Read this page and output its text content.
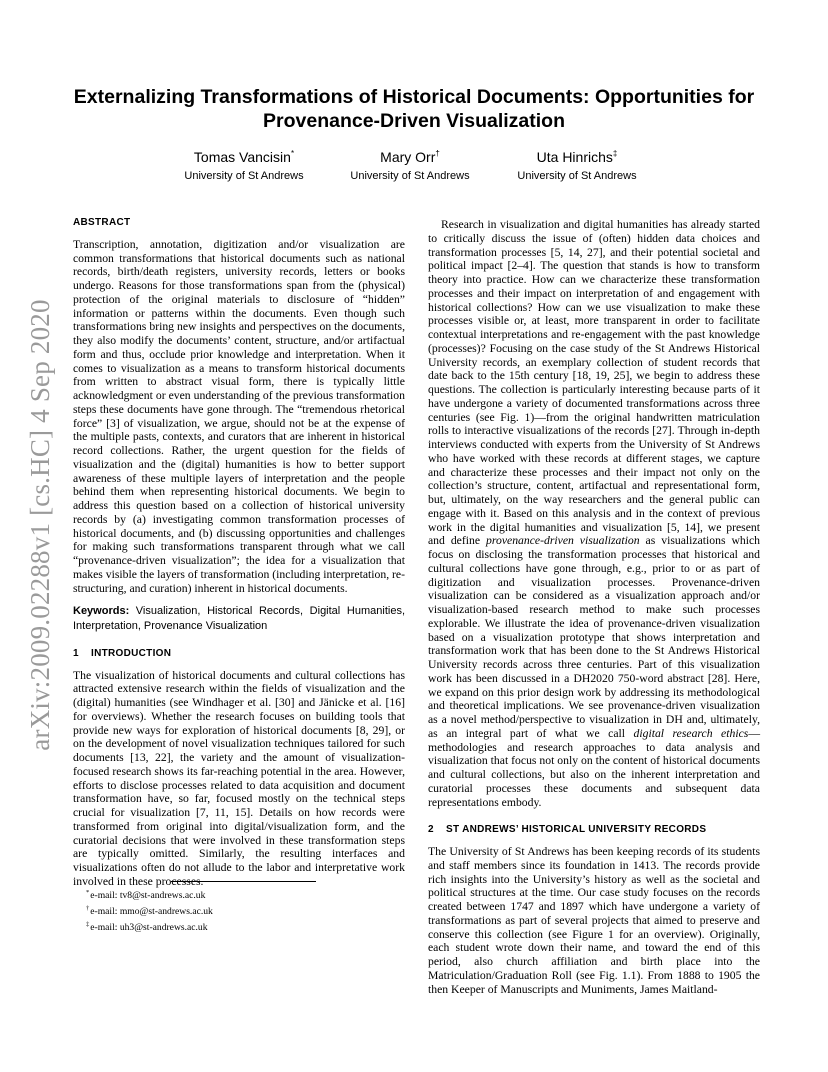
arXiv:2009.02288v1 [cs.HC] 4 Sep 2020
Externalizing Transformations of Historical Documents: Opportunities for Provenance-Driven Visualization
Tomas Vancisin*
University of St Andrews
Mary Orr†
University of St Andrews
Uta Hinrichs‡
University of St Andrews
ABSTRACT

Transcription, annotation, digitization and/or visualization are common transformations that historical documents such as national records, birth/death registers, university records, letters or books undergo. Reasons for those transformations span from the (physical) protection of the original materials to disclosure of “hidden” information or patterns within the documents. Even though such transformations bring new insights and perspectives on the documents, they also modify the documents’ content, structure, and/or artifactual form and thus, occlude prior knowledge and interpretation. When it comes to visualization as a means to transform historical documents from written to abstract visual form, there is typically little acknowledgment or even understanding of the previous transformation steps these documents have gone through. The “tremendous rhetorical force” [3] of visualization, we argue, should not be at the expense of the multiple pasts, contexts, and curators that are inherent in historical record collections. Rather, the urgent question for the fields of visualization and the (digital) humanities is how to better support awareness of these multiple layers of interpretation and the people behind them when representing historical documents. We begin to address this question based on a collection of historical university records by (a) investigating common transformation processes of historical documents, and (b) discussing opportunities and challenges for making such transformations transparent through what we call “provenance-driven visualization”; the idea for a visualization that makes visible the layers of transformation (including interpretation, re-structuring, and curation) inherent in historical documents.

Keywords: Visualization, Historical Records, Digital Humanities, Interpretation, Provenance Visualization

1 INTRODUCTION

The visualization of historical documents and cultural collections has attracted extensive research within the fields of visualization and the (digital) humanities (see Windhager et al. [30] and Jänicke et al. [16] for overviews). Whether the research focuses on building tools that provide new ways for exploration of historical documents [8, 29], or on the development of novel visualization techniques tailored for such documents [13, 22], the variety and the amount of visualization-focused research shows its far-reaching potential in the area. However, efforts to disclose processes related to data acquisition and document transformation have, so far, focused mostly on the technical steps crucial for visualization [7, 11, 15]. Details on how records were transformed from original into digital/visualization form, and the curatorial decisions that were involved in these transformation steps are typically omitted. Similarly, the resulting interfaces and visualizations often do not allude to the labor and interpretative work involved in these processes.

*e-mail: tv8@st-andrews.ac.uk
†e-mail: mmo@st-andrews.ac.uk
‡e-mail: uh3@st-andrews.ac.uk

Research in visualization and digital humanities has already started to critically discuss the issue of (often) hidden data choices and transformation processes [5, 14, 27], and their potential societal and political impact [2–4]. The question that stands is how to transform theory into practice. How can we characterize these transformation processes and their impact on interpretation of and engagement with historical collections? How can we use visualization to make these processes visible or, at least, more transparent in order to facilitate contextual interpretations and re-engagement with the past knowledge (processes)? Focusing on the case study of the St Andrews Historical University records, an exemplary collection of student records that date back to the 15th century [18, 19, 25], we begin to address these questions. The collection is particularly interesting because parts of it have undergone a variety of documented transformations across three centuries (see Fig. 1)—from the original handwritten matriculation rolls to interactive visualizations of the records [27]. Through in-depth interviews conducted with experts from the University of St Andrews who have worked with these records at different stages, we capture and characterize these processes and their impact not only on the collection’s structure, content, artifactual and representational form, but, ultimately, on the way researchers and the general public can engage with it. Based on this analysis and in the context of previous work in the digital humanities and visualization [5, 14], we present and define provenance-driven visualization as visualizations which focus on disclosing the transformation processes that historical and cultural collections have gone through, e.g., prior to or as part of digitization and visualization processes. Provenance-driven visualization can be considered as a visualization approach and/or visualization-based research method to make such processes explorable. We illustrate the idea of provenance-driven visualization based on a visualization prototype that shows interpretation and transformation work that has been done to the St Andrews Historical University records across three centuries. Part of this visualization work has been discussed in a DH2020 750-word abstract [28]. Here, we expand on this prior design work by addressing its methodological and theoretical implications. We see provenance-driven visualization as a novel method/perspective to visualization in DH and, ultimately, as an integral part of what we call digital research ethics—methodologies and research approaches to data analysis and visualization that focus not only on the content of historical documents and cultural collections, but also on the inherent interpretation and curatorial processes these documents and subsequent data representations embody.

2 ST ANDREWS’ HISTORICAL UNIVERSITY RECORDS

The University of St Andrews has been keeping records of its students and staff members since its foundation in 1413. The records provide rich insights into the University’s history as well as the societal and political structures at the time. Our case study focuses on the records created between 1747 and 1897 which have undergone a variety of transformations as part of several projects that aimed to preserve and conserve this collection (see Figure 1 for an overview). Originally, each student wrote down their name, and toward the end of this period, also church affiliation and birth place into the Matriculation/Graduation Roll (see Fig. 1.1). From 1888 to 1905 the then Keeper of Manuscripts and Muniments, James Maitland-
